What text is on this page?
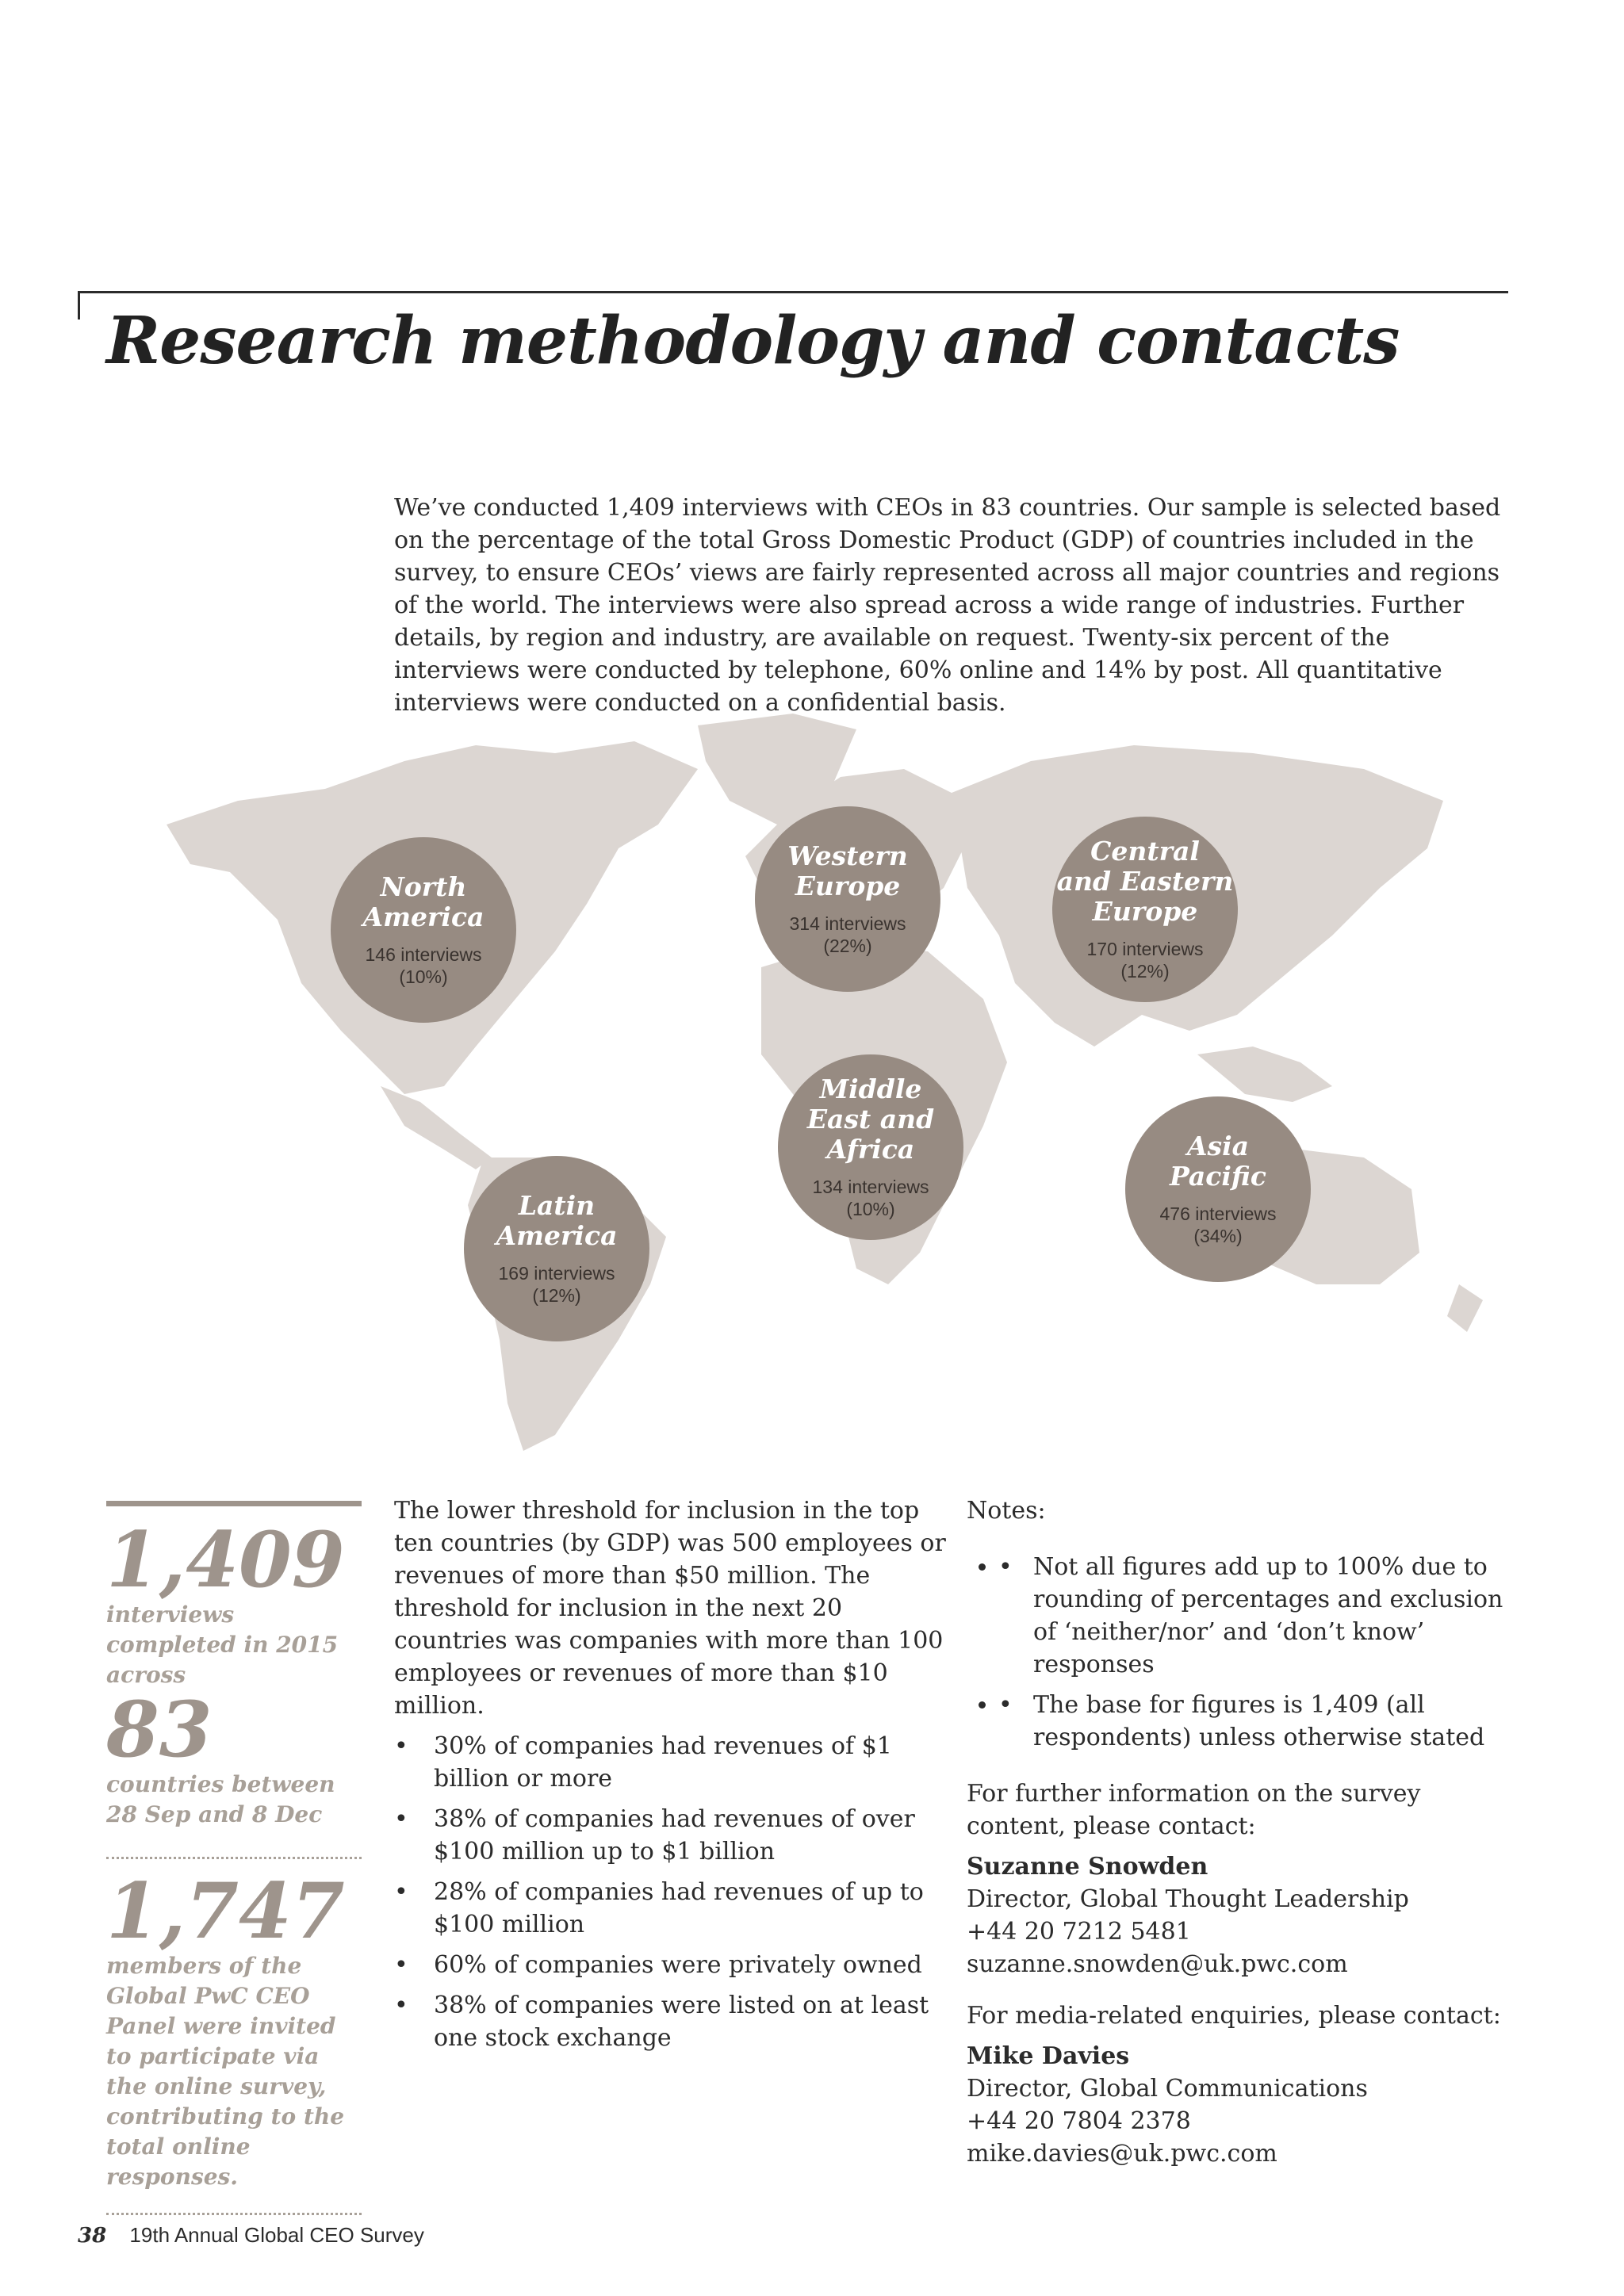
Research methodology and contacts

We’ve conducted 1,409 interviews with CEOs in 83 countries. Our sample is selected based on the percentage of the total Gross Domestic Product (GDP) of countries included in the survey, to ensure CEOs’ views are fairly represented across all major countries and regions of the world. The interviews were also spread across a wide range of industries. Further details, by region and industry, are available on request. Twenty-six percent of the interviews were conducted by telephone, 60% online and 14% by post. All quantitative interviews were conducted on a confidential basis.

North
America
146 interviews
(10%)
Western
Europe
314 interviews
(22%)
Central
and Eastern
Europe
170 interviews
(12%)
Middle
East and
Africa
134 interviews
(10%)
Asia
Pacific
476 interviews
(34%)
Latin
America
169 interviews
(12%)

1,409

interviews completed in 2015 across

83

countries between 28 Sep and 8 Dec

1,747

members of the Global PwC CEO Panel were invited to participate via the online survey, contributing to the total online responses.

The lower threshold for inclusion in the top ten countries (by GDP) was 500 employees or revenues of more than $50 million. The threshold for inclusion in the next 20 countries was companies with more than 100 employees or revenues of more than $10 million.

• 30% of companies had revenues of $1 billion or more
• 38% of companies had revenues of over $100 million up to $1 billion
• 28% of companies had revenues of up to $100 million
• 60% of companies were privately owned
• 38% of companies were listed on at least one stock exchange

Notes:

• • Not all figures add up to 100% due to rounding of percentages and exclusion of ‘neither/nor’ and ‘don’t know’ responses
• • The base for figures is 1,409 (all respondents) unless otherwise stated

For further information on the survey content, please contact:

Suzanne Snowden

Director, Global Thought Leadership

+44 20 7212 5481

suzanne.snowden@uk.pwc.com

For media-related enquiries, please contact:

Mike Davies

Director, Global Communications

+44 20 7804 2378

mike.davies@uk.pwc.com

38 19th Annual Global CEO Survey
